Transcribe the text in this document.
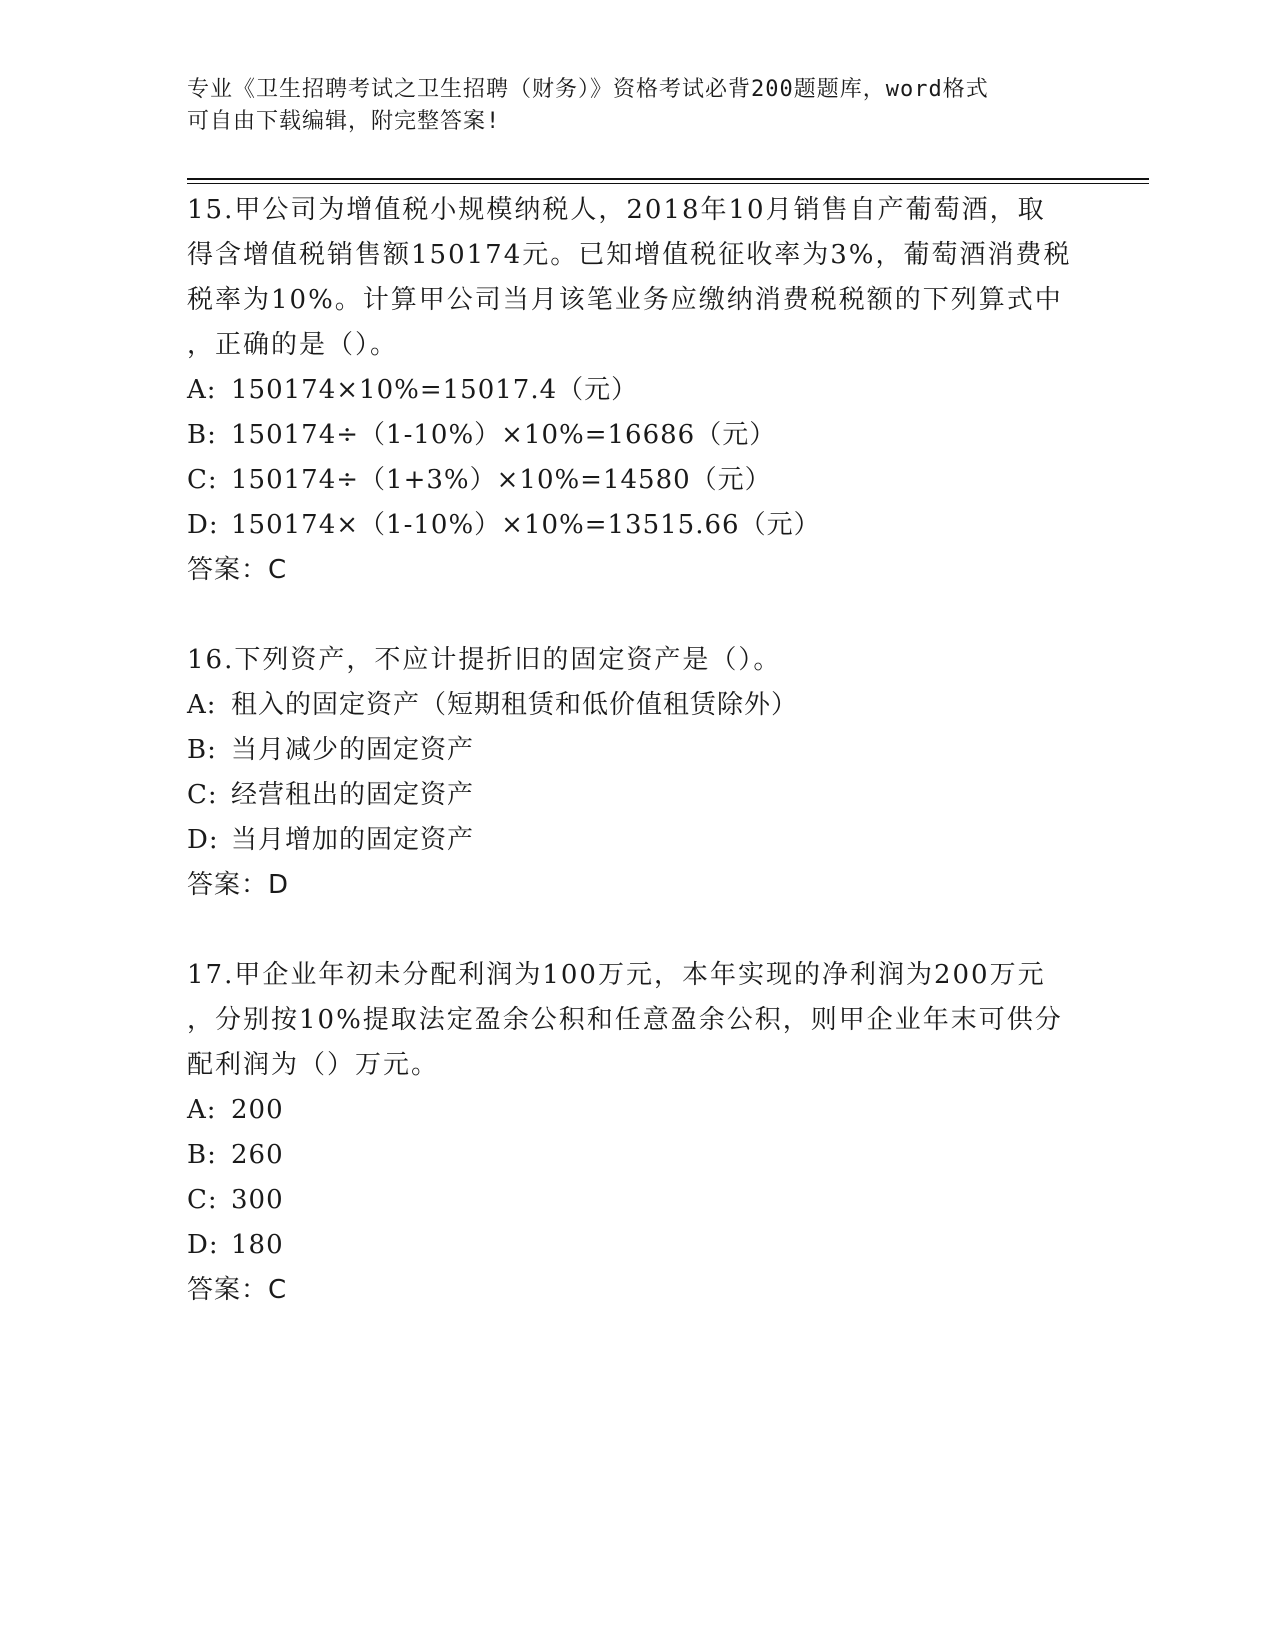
专业《卫生招聘考试之卫生招聘（财务）》资格考试必背200题题库，word格式
可自由下载编辑，附完整答案!
15.甲公司为增值税小规模纳税人，2018年10月销售自产葡萄酒，取
得含增值税销售额150174元。已知增值税征收率为3%，葡萄酒消费税
税率为10%。计算甲公司当月该笔业务应缴纳消费税税额的下列算式中
，正确的是（）。
A: 150174×10%=15017.4（元）
B: 150174÷（1-10%）×10%=16686（元）
C: 150174÷（1+3%）×10%=14580（元）
D: 150174×（1-10%）×10%=13515.66（元）
答案：C
16.下列资产，不应计提折旧的固定资产是（）。
A: 租入的固定资产（短期租赁和低价值租赁除外）
B: 当月减少的固定资产
C: 经营租出的固定资产
D: 当月增加的固定资产
答案：D
17.甲企业年初未分配利润为100万元，本年实现的净利润为200万元
，分别按10%提取法定盈余公积和任意盈余公积，则甲企业年末可供分
配利润为（）万元。
A: 200
B: 260
C: 300
D: 180
答案：C
